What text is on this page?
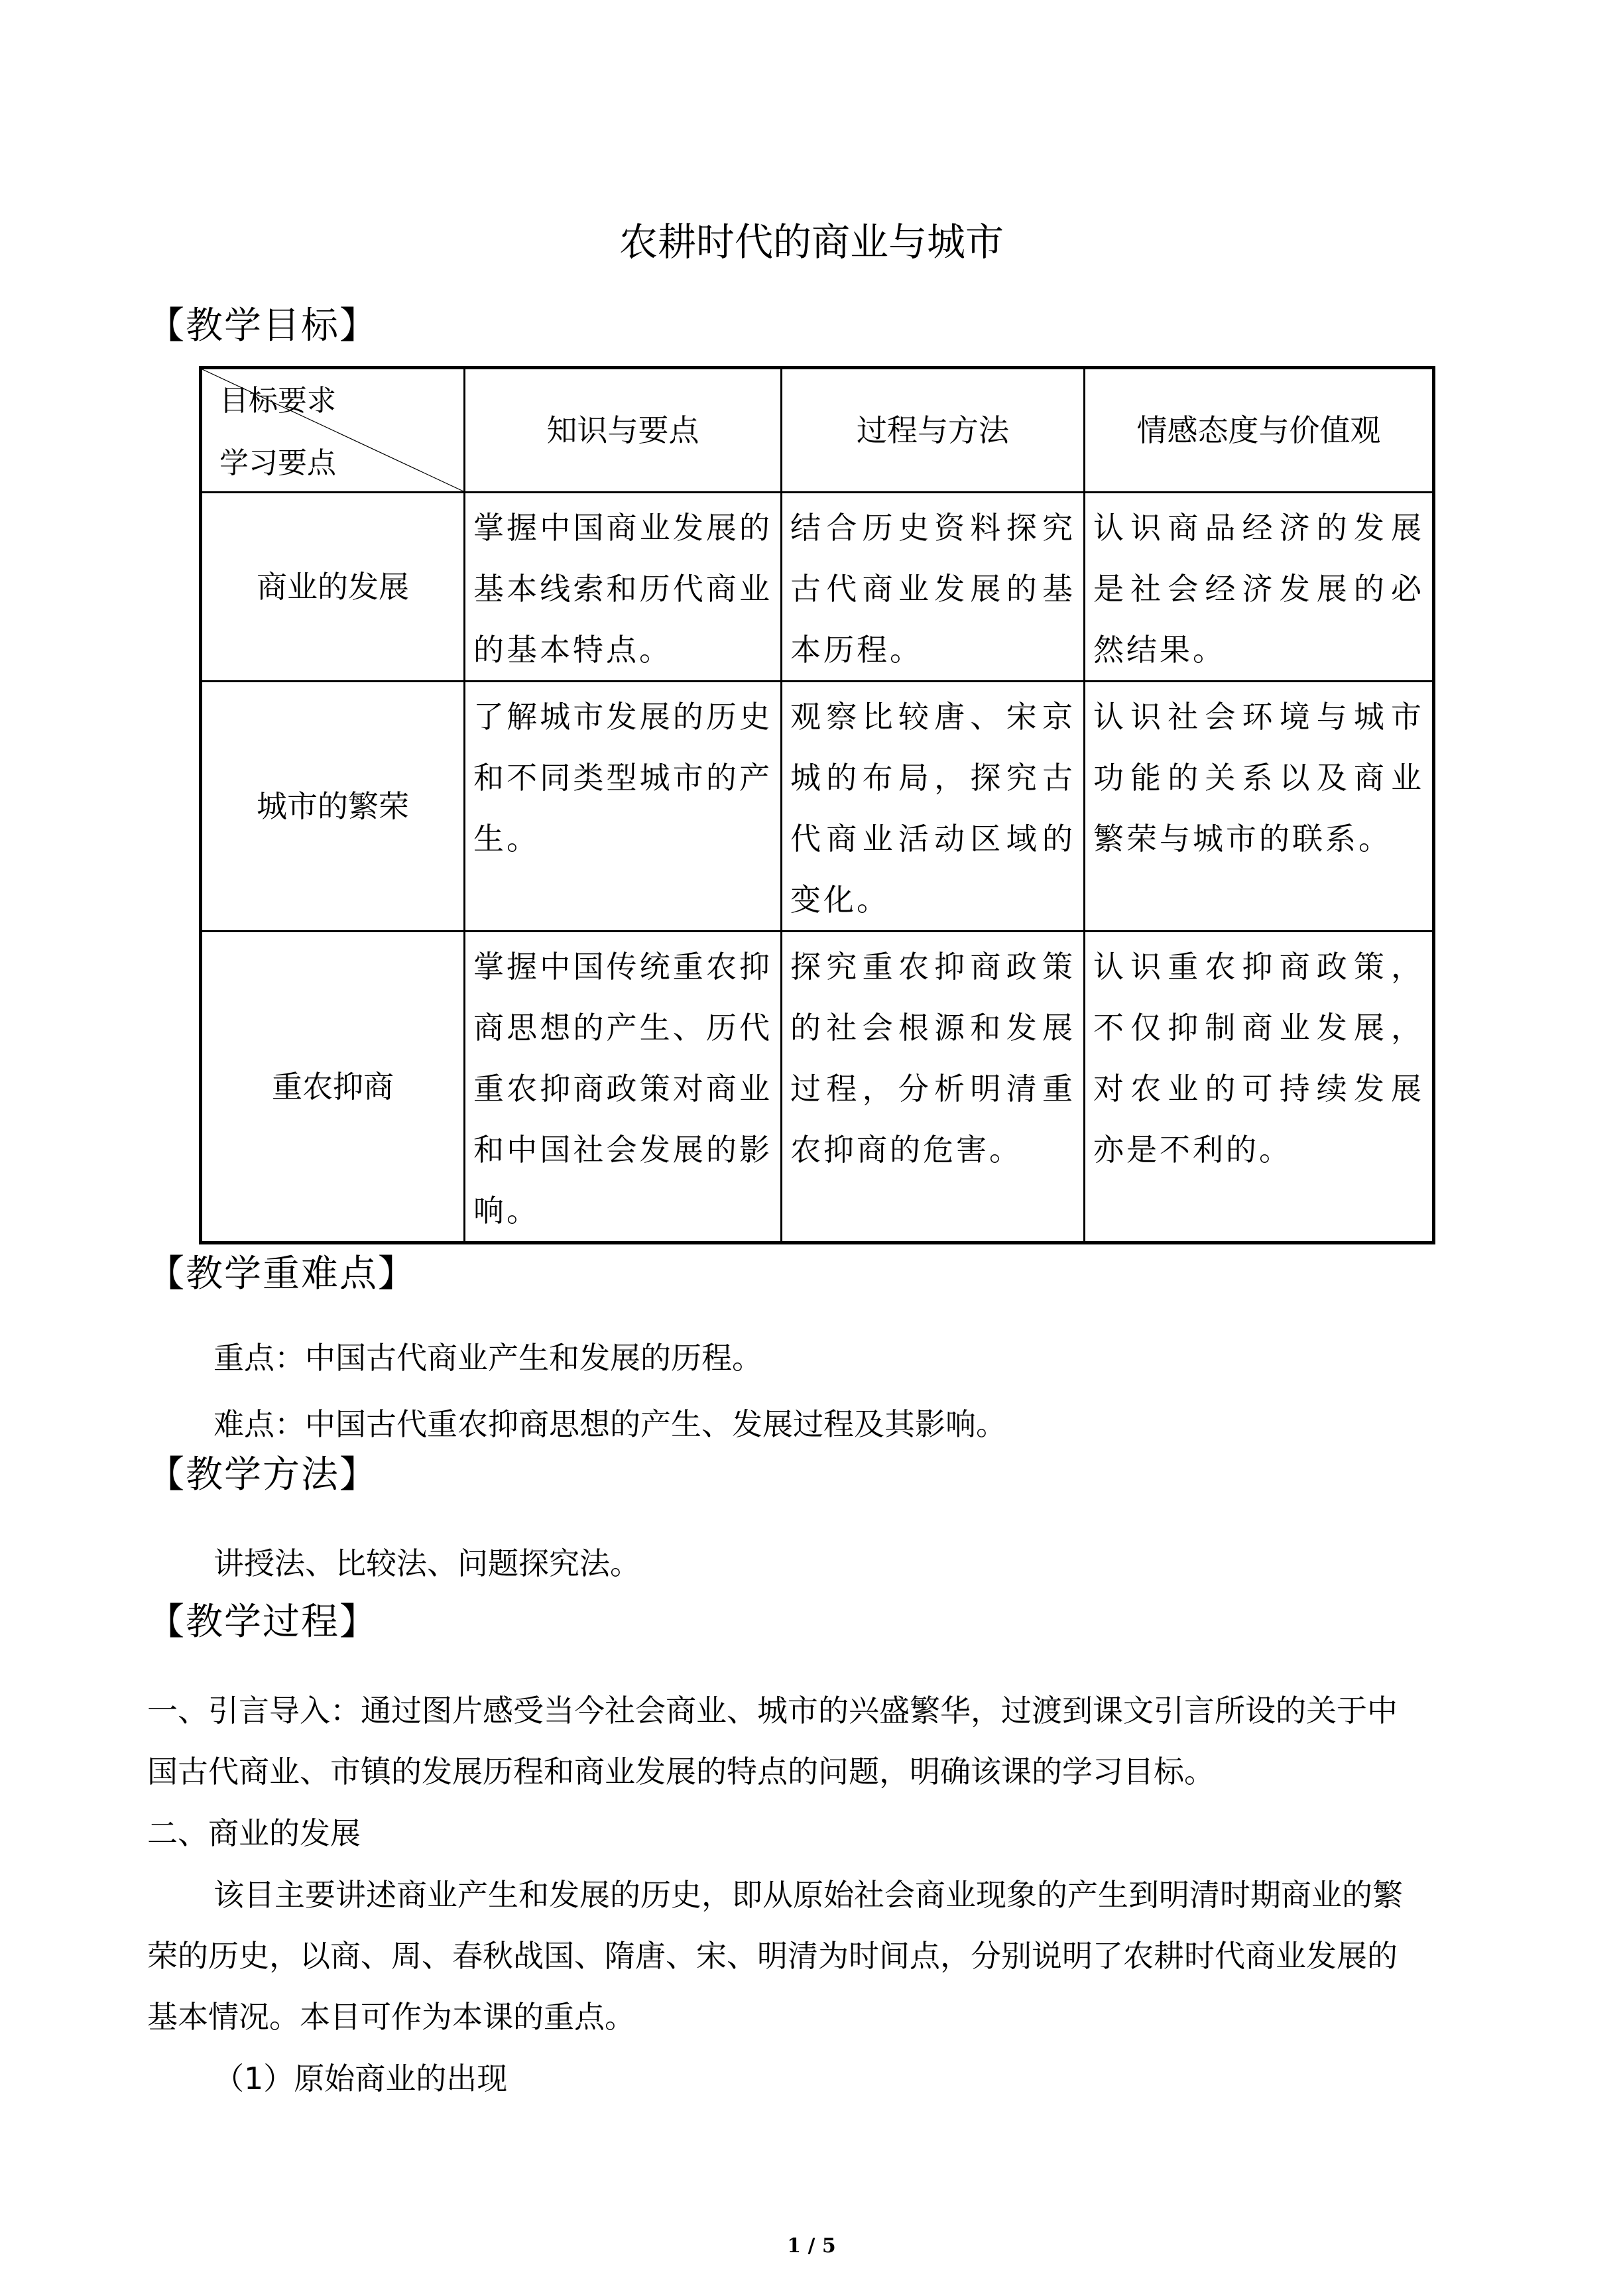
农耕时代的商业与城市
【教学目标】
目标要求
学习要点	知识与要点	过程与方法	情感态度与价值观
商业的发展	掌握中国商业发展的基本线索和历代商业的基本特点。	结合历史资料探究古代商业发展的基本历程。	认识商品经济的发展是社会经济发展的必然结果。
城市的繁荣	了解城市发展的历史和不同类型城市的产生。	观察比较唐、宋京城的布局，探究古代商业活动区域的变化。	认识社会环境与城市功能的关系以及商业繁荣与城市的联系。
重农抑商	掌握中国传统重农抑商思想的产生、历代重农抑商政策对商业和中国社会发展的影响。	探究重农抑商政策的社会根源和发展过程，分析明清重农抑商的危害。	认识重农抑商政策，不仅抑制商业发展，对农业的可持续发展亦是不利的。
【教学重难点】
重点：中国古代商业产生和发展的历程。
难点：中国古代重农抑商思想的产生、发展过程及其影响。
【教学方法】
讲授法、比较法、问题探究法。
【教学过程】
一、引言导入：通过图片感受当今社会商业、城市的兴盛繁华，过渡到课文引言所设的关于中
国古代商业、市镇的发展历程和商业发展的特点的问题，明确该课的学习目标。
二、商业的发展
该目主要讲述商业产生和发展的历史，即从原始社会商业现象的产生到明清时期商业的繁
荣的历史，以商、周、春秋战国、隋唐、宋、明清为时间点，分别说明了农耕时代商业发展的
基本情况。本目可作为本课的重点。
（1）原始商业的出现
1 / 5
